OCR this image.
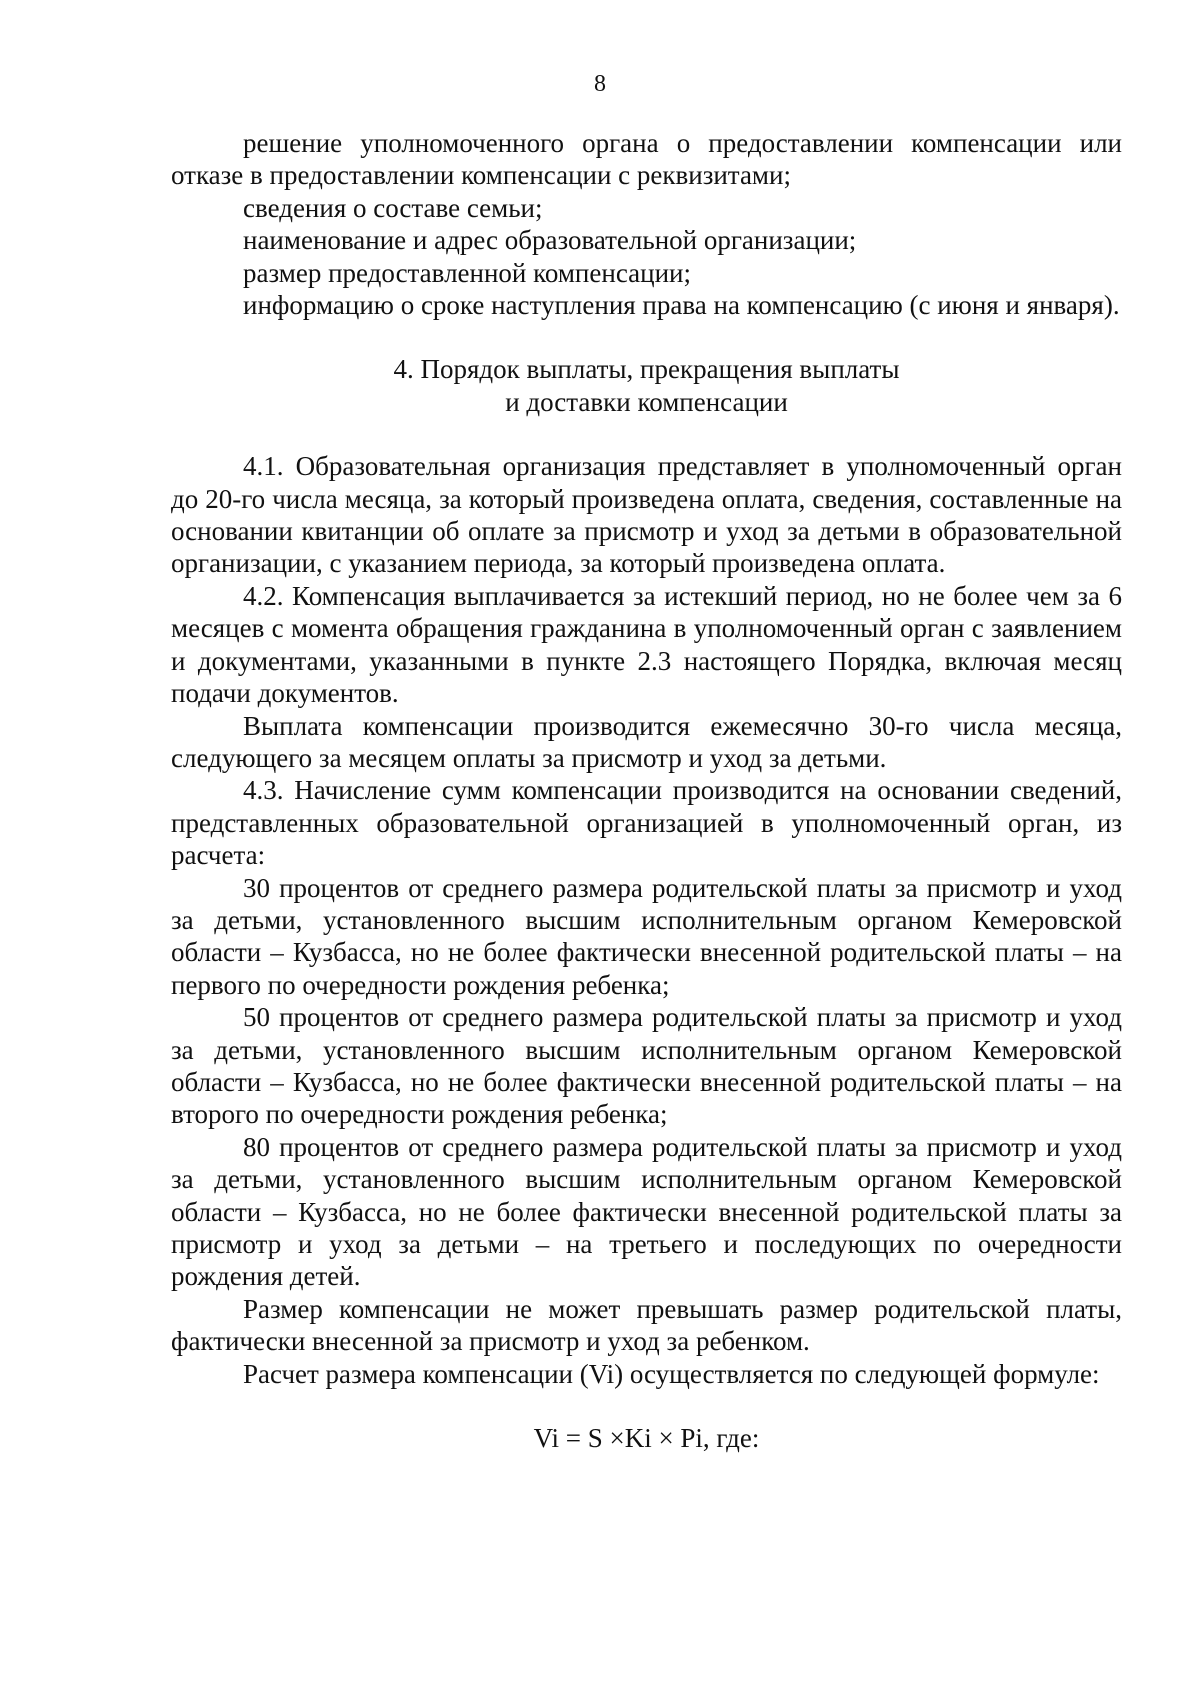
8

решение уполномоченного органа о предоставлении компенсации или отказе в предоставлении компенсации с реквизитами;

сведения о составе семьи;

наименование и адрес образовательной организации;

размер предоставленной компенсации;

информацию о сроке наступления права на компенсацию (с июня и января).

4. Порядок выплаты, прекращения выплаты
и доставки компенсации

4.1. Образовательная организация представляет в уполномоченный орган до 20-го числа месяца, за который произведена оплата, сведения, составленные на основании квитанции об оплате за присмотр и уход за детьми в образовательной организации, с указанием периода, за который произведена оплата.

4.2. Компенсация выплачивается за истекший период, но не более чем за 6 месяцев с момента обращения гражданина в уполномоченный орган с заявлением и документами, указанными в пункте 2.3 настоящего Порядка, включая месяц подачи документов.

Выплата компенсации производится ежемесячно 30-го числа месяца, следующего за месяцем оплаты за присмотр и уход за детьми.

4.3. Начисление сумм компенсации производится на основании сведений, представленных образовательной организацией в уполномоченный орган, из расчета:

30 процентов от среднего размера родительской платы за присмотр и уход за детьми, установленного высшим исполнительным органом Кемеровской области – Кузбасса, но не более фактически внесенной родительской платы – на первого по очередности рождения ребенка;

50 процентов от среднего размера родительской платы за присмотр и уход за детьми, установленного высшим исполнительным органом Кемеровской области – Кузбасса, но не более фактически внесенной родительской платы – на второго по очередности рождения ребенка;

80 процентов от среднего размера родительской платы за присмотр и уход за детьми, установленного высшим исполнительным органом Кемеровской области – Кузбасса, но не более фактически внесенной родительской платы за присмотр и уход за детьми – на третьего и последующих по очередности рождения детей.

Размер компенсации не может превышать размер родительской платы, фактически внесенной за присмотр и уход за ребенком.

Расчет размера компенсации (Vi) осуществляется по следующей формуле:

Vi = S ×Ki × Pi, где:
